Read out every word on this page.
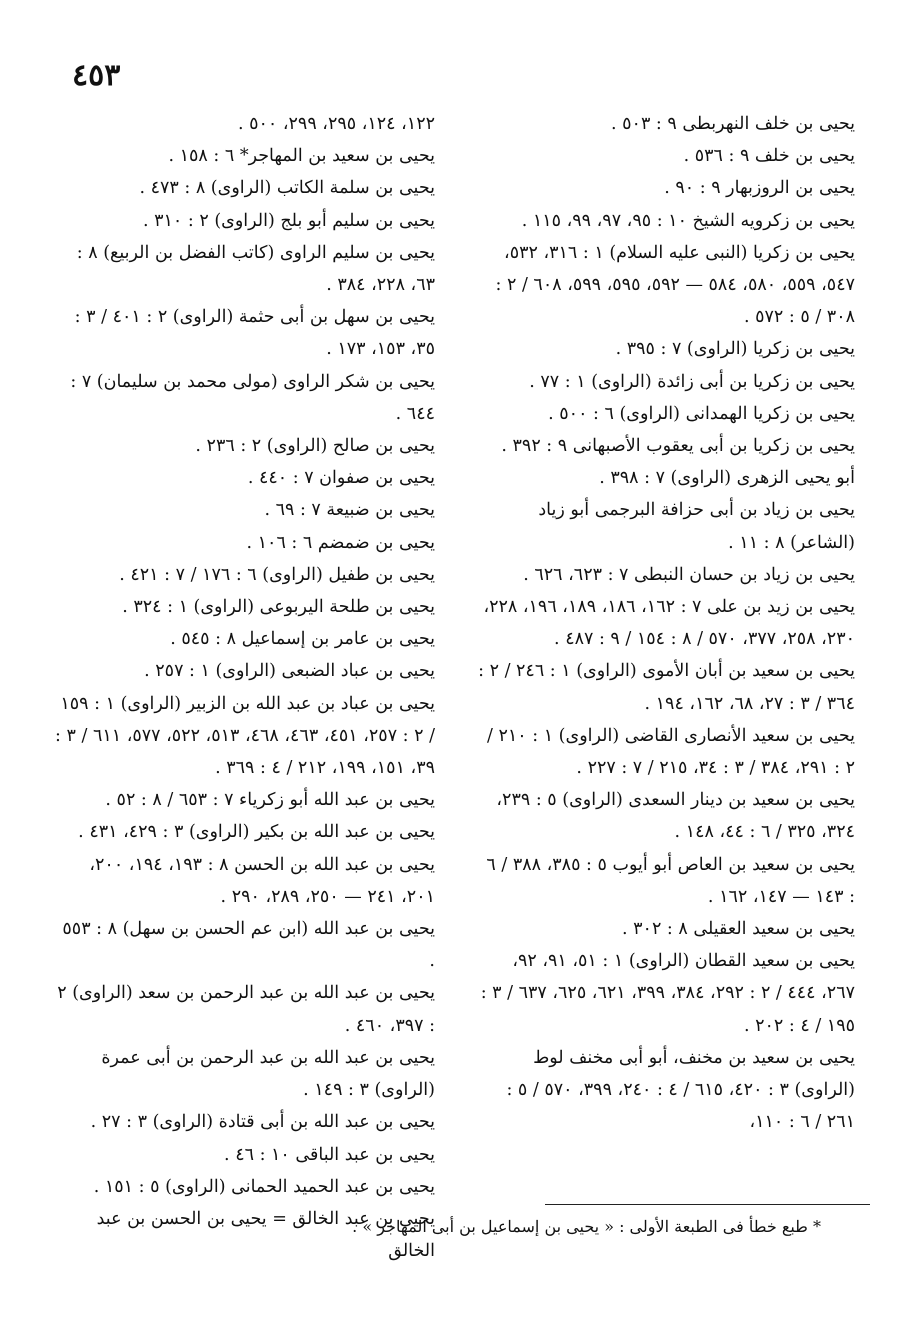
٤٥٣

يحيى بن خلف النهربطى ٩ : ٥٠٣ .

يحيى بن خلف ٩ : ٥٣٦ .

يحيى بن الروزبهار ٩ : ٩٠ .

يحيى بن زكرويه الشيخ ١٠ : ٩٥، ٩٧، ٩٩، ١١٥ .

يحيى بن زكريا (النبى عليه السلام) ١ : ٣١٦، ٥٣٢، ٥٤٧، ٥٥٩، ٥٨٠، ٥٨٤ — ٥٩٢، ٥٩٥، ٥٩٩، ٦٠٨ / ٢ : ٣٠٨ / ٥ : ٥٧٢ .

يحيى بن زكريا (الراوى) ٧ : ٣٩٥ .

يحيى بن زكريا بن أبى زائدة (الراوى) ١ : ٧٧ .

يحيى بن زكريا الهمدانى (الراوى) ٦ : ٥٠٠ .

يحيى بن زكريا بن أبى يعقوب الأصبهانى ٩ : ٣٩٢ .

أبو يحيى الزهرى (الراوى) ٧ : ٣٩٨ .

يحيى بن زياد بن أبى حزافة البرجمى أبو زياد (الشاعر) ٨ : ١١ .

يحيى بن زياد بن حسان النبطى ٧ : ٦٢٣، ٦٢٦ .

يحيى بن زيد بن على ٧ : ١٦٢، ١٨٦، ١٨٩، ١٩٦، ٢٢٨، ٢٣٠، ٢٥٨، ٣٧٧، ٥٧٠ / ٨ : ١٥٤ / ٩ : ٤٨٧ .

يحيى بن سعيد بن أبان الأموى (الراوى) ١ : ٢٤٦ / ٢ : ٣٦٤ / ٣ : ٢٧، ٦٨، ١٦٢، ١٩٤ .

يحيى بن سعيد الأنصارى القاضى (الراوى) ١ : ٢١٠ / ٢ : ٢٩١، ٣٨٤ / ٣ : ٣٤، ٢١٥ / ٧ : ٢٢٧ .

يحيى بن سعيد بن دينار السعدى (الراوى) ٥ : ٢٣٩، ٣٢٤، ٣٢٥ / ٦ : ٤٤، ١٤٨ .

يحيى بن سعيد بن العاص أبو أيوب ٥ : ٣٨٥، ٣٨٨ / ٦ : ١٤٣ — ١٤٧، ١٦٢ .

يحيى بن سعيد العقيلى ٨ : ٣٠٢ .

يحيى بن سعيد القطان (الراوى) ١ : ٥١، ٩١، ٩٢، ٢٦٧، ٤٤٤ / ٢ : ٢٩٢، ٣٨٤، ٣٩٩، ٦٢١، ٦٢٥، ٦٣٧ / ٣ : ١٩٥ / ٤ : ٢٠٢ .

يحيى بن سعيد بن مخنف، أبو أبى مخنف لوط (الراوى) ٣ : ٤٢٠، ٦١٥ / ٤ : ٢٤٠، ٣٩٩، ٥٧٠ / ٥ : ٢٦١ / ٦ : ١١٠،

١٢٢، ١٢٤، ٢٩٥، ٢٩٩، ٥٠٠ .

يحيى بن سعيد بن المهاجر* ٦ : ١٥٨ .

يحيى بن سلمة الكاتب (الراوى) ٨ : ٤٧٣ .

يحيى بن سليم أبو بلج (الراوى) ٢ : ٣١٠ .

يحيى بن سليم الراوى (كاتب الفضل بن الربيع) ٨ : ٦٣، ٢٢٨، ٣٨٤ .

يحيى بن سهل بن أبى حثمة (الراوى) ٢ : ٤٠١ / ٣ : ٣٥، ١٥٣، ١٧٣ .

يحيى بن شكر الراوى (مولى محمد بن سليمان) ٧ : ٦٤٤ .

يحيى بن صالح (الراوى) ٢ : ٢٣٦ .

يحيى بن صفوان ٧ : ٤٤٠ .

يحيى بن ضبيعة ٧ : ٦٩ .

يحيى بن ضمضم ٦ : ١٠٦ .

يحيى بن طفيل (الراوى) ٦ : ١٧٦ / ٧ : ٤٢١ .

يحيى بن طلحة اليربوعى (الراوى) ١ : ٣٢٤ .

يحيى بن عامر بن إسماعيل ٨ : ٥٤٥ .

يحيى بن عباد الضبعى (الراوى) ١ : ٢٥٧ .

يحيى بن عباد بن عبد الله بن الزبير (الراوى) ١ : ١٥٩ / ٢ : ٢٥٧، ٤٥١، ٤٦٣، ٤٦٨، ٥١٣، ٥٢٢، ٥٧٧، ٦١١ / ٣ : ٣٩، ١٥١، ١٩٩، ٢١٢ / ٤ : ٣٦٩ .

يحيى بن عبد الله أبو زكرياء ٧ : ٦٥٣ / ٨ : ٥٢ .

يحيى بن عبد الله بن بكير (الراوى) ٣ : ٤٢٩، ٤٣١ .

يحيى بن عبد الله بن الحسن ٨ : ١٩٣، ١٩٤، ٢٠٠، ٢٠١، ٢٤١ — ٢٥٠، ٢٨٩، ٢٩٠ .

يحيى بن عبد الله (ابن عم الحسن بن سهل) ٨ : ٥٥٣ .

يحيى بن عبد الله بن عبد الرحمن بن سعد (الراوى) ٢ : ٣٩٧، ٤٦٠ .

يحيى بن عبد الله بن عبد الرحمن بن أبى عمرة (الراوى) ٣ : ١٤٩ .

يحيى بن عبد الله بن أبى قتادة (الراوى) ٣ : ٢٧ .

يحيى بن عبد الباقى ١٠ : ٤٦ .

يحيى بن عبد الحميد الحمانى (الراوى) ٥ : ١٥١ .

يحيى بن عبد الخالق = يحيى بن الحسن بن عبد الخالق

* طبع خطأ فى الطبعة الأولى : « يحيى بن إسماعيل بن أبى المهاجر » .
